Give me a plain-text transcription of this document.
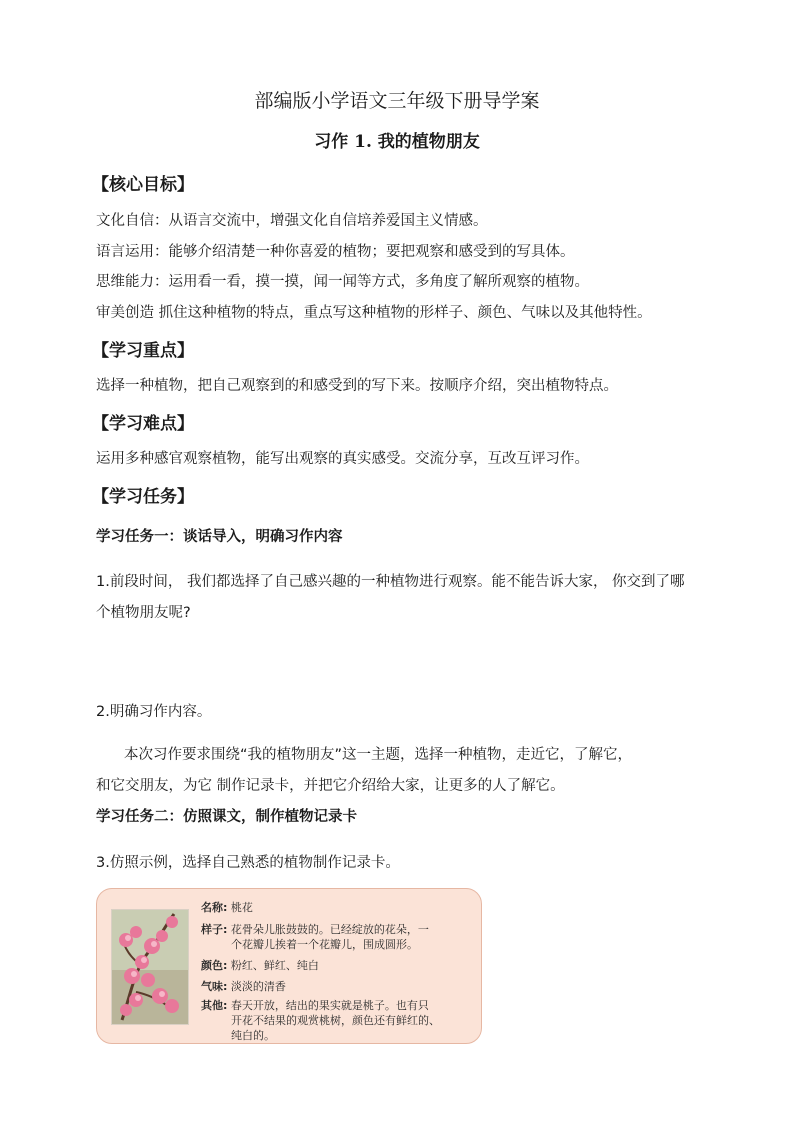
部编版小学语文三年级下册导学案
习作 1. 我的植物朋友
【核心目标】
文化自信：从语言交流中，增强文化自信培养爱国主义情感。
语言运用：能够介绍清楚一种你喜爱的植物；要把观察和感受到的写具体。
思维能力：运用看一看，摸一摸，闻一闻等方式，多角度了解所观察的植物。
审美创造 抓住这种植物的特点，重点写这种植物的形样子、颜色、气味以及其他特性。
【学习重点】
选择一种植物，把自己观察到的和感受到的写下来。按顺序介绍，突出植物特点。
【学习难点】
运用多种感官观察植物，能写出观察的真实感受。交流分享，互改互评习作。
【学习任务】
学习任务一：谈话导入，明确习作内容
1.前段时间， 我们都选择了自己感兴趣的一种植物进行观察。能不能告诉大家， 你交到了哪
个植物朋友呢?
2.明确习作内容。
本次习作要求围绕“我的植物朋友”这一主题，选择一种植物，走近它，了解它，
和它交朋友，为它 制作记录卡，并把它介绍给大家，让更多的人了解它。
学习任务二：仿照课文，制作植物记录卡
3.仿照示例，选择自己熟悉的植物制作记录卡。
名称: 桃花
样子: 花骨朵儿胀鼓鼓的。已经绽放的花朵，一
个花瓣儿挨着一个花瓣儿，围成圆形。
颜色: 粉红、鲜红、纯白
气味: 淡淡的清香
其他: 春天开放，结出的果实就是桃子。也有只
开花不结果的观赏桃树，颜色还有鲜红的、
纯白的。
